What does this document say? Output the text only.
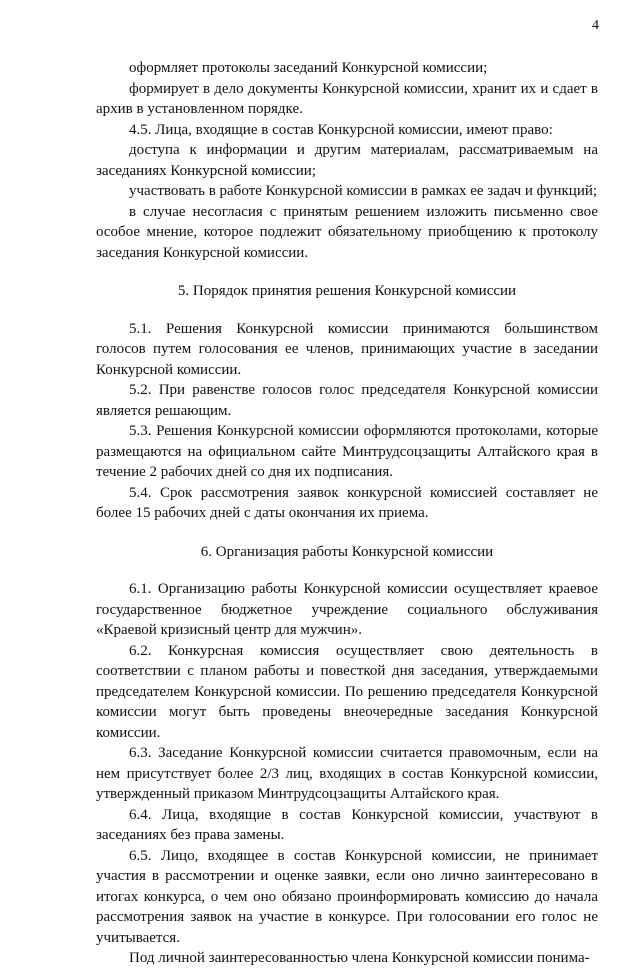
4

оформляет протоколы заседаний Конкурсной комиссии;

формирует в дело документы Конкурсной комиссии, хранит их и сдает в архив в установленном порядке.

4.5. Лица, входящие в состав Конкурсной комиссии, имеют право:

доступа к информации и другим материалам, рассматриваемым на заседаниях Конкурсной комиссии;

участвовать в работе Конкурсной комиссии в рамках ее задач и функций;

в случае несогласия с принятым решением изложить письменно свое особое мнение, которое подлежит обязательному приобщению к протоколу заседания Конкурсной комиссии.

5. Порядок принятия решения Конкурсной комиссии

5.1. Решения Конкурсной комиссии принимаются большинством голосов путем голосования ее членов, принимающих участие в заседании Конкурсной комиссии.

5.2. При равенстве голосов голос председателя Конкурсной комиссии является решающим.

5.3. Решения Конкурсной комиссии оформляются протоколами, которые размещаются на официальном сайте Минтрудсоцзащиты Алтайского края в течение 2 рабочих дней со дня их подписания.

5.4. Срок рассмотрения заявок конкурсной комиссией составляет не более 15 рабочих дней с даты окончания их приема.

6. Организация работы Конкурсной комиссии

6.1. Организацию работы Конкурсной комиссии осуществляет краевое государственное бюджетное учреждение социального обслуживания «Краевой кризисный центр для мужчин».

6.2. Конкурсная комиссия осуществляет свою деятельность в соответствии с планом работы и повесткой дня заседания, утверждаемыми председателем Конкурсной комиссии. По решению председателя Конкурсной комиссии могут быть проведены внеочередные заседания Конкурсной комиссии.

6.3. Заседание Конкурсной комиссии считается правомочным, если на нем присутствует более 2/3 лиц, входящих в состав Конкурсной комиссии, утвержденный приказом Минтрудсоцзащиты Алтайского края.

6.4. Лица, входящие в состав Конкурсной комиссии, участвуют в заседаниях без права замены.

6.5. Лицо, входящее в состав Конкурсной комиссии, не принимает участия в рассмотрении и оценке заявки, если оно лично заинтересовано в итогах конкурса, о чем оно обязано проинформировать комиссию до начала рассмотрения заявок на участие в конкурсе. При голосовании его голос не учитывается.

Под личной заинтересованностью члена Конкурсной комиссии понима-
